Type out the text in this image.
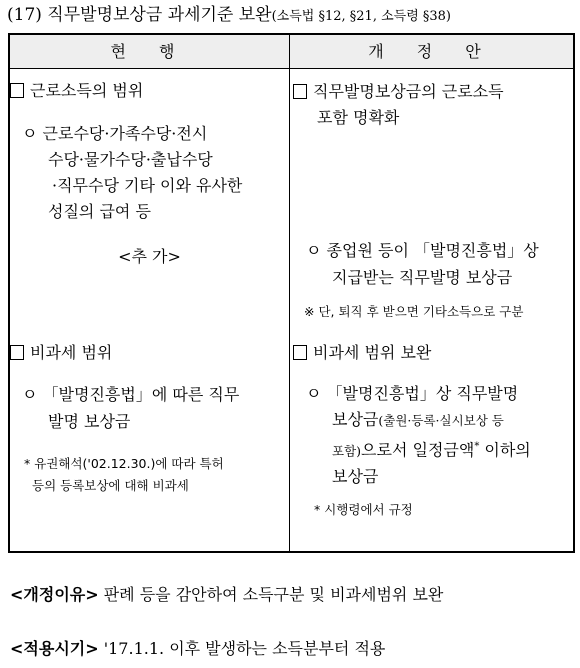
(17) 직무발명보상금 과세기준 보완(소득법 §12, §21, 소득령 §38)
현 행	개 정 안
근로소득의 범위
ㅇ 근로수당·가족수당·전시
수당·물가수당·출납수당
·직무수당 기타 이와 유사한
성질의 급여 등
<추 가>
비과세 범위
ㅇ 「발명진흥법」에 따른 직무
발명 보상금
* 유권해석('02.12.30.)에 따라 특허
등의 등록보상에 대해 비과세
직무발명보상금의 근로소득
포함 명확화
ㅇ 종업원 등이 「발명진흥법」상
지급받는 직무발명 보상금
※ 단, 퇴직 후 받으면 기타소득으로 구분
비과세 범위 보완
ㅇ 「발명진흥법」상 직무발명
보상금(출원·등록·실시보상 등
포함)으로서 일정금액* 이하의
보상금
* 시행령에서 규정
<개정이유> 판례 등을 감안하여 소득구분 및 비과세범위 보완
<적용시기> '17.1.1. 이후 발생하는 소득분부터 적용
